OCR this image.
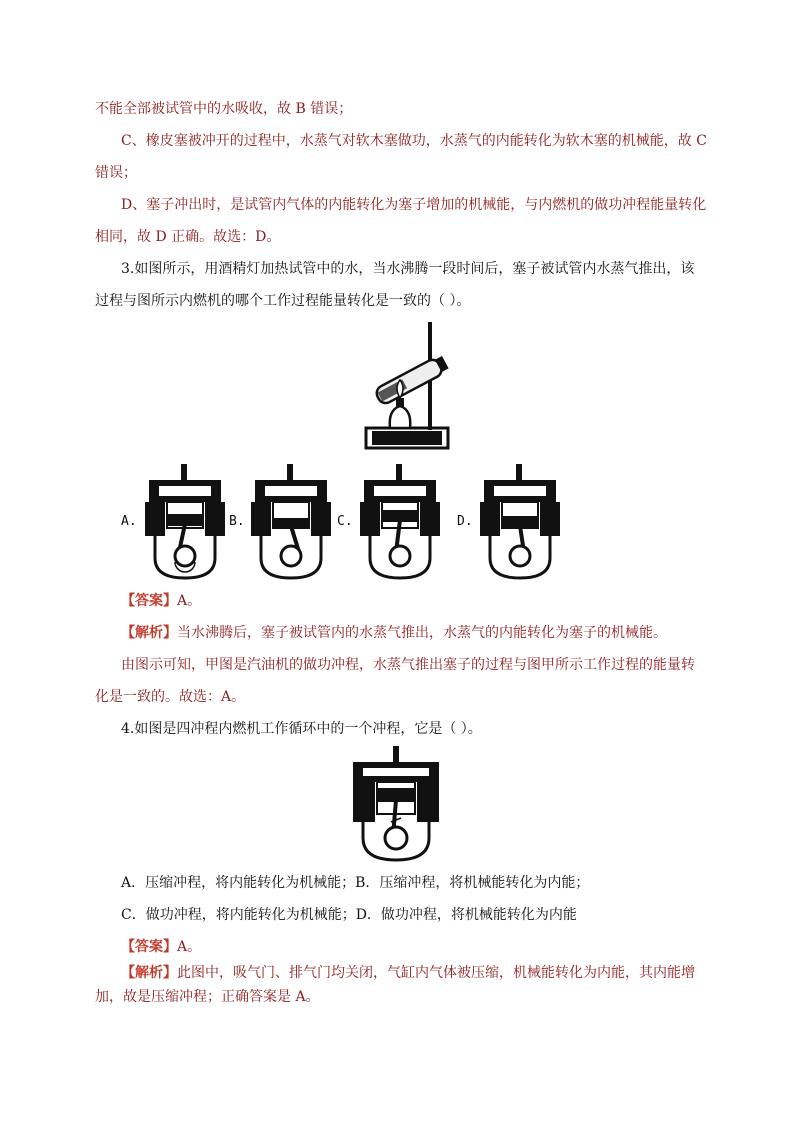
不能全部被试管中的水吸收，故 B 错误；
C、橡皮塞被冲开的过程中，水蒸气对软木塞做功，水蒸气的内能转化为软木塞的机械能，故 C
错误；
D、塞子冲出时，是试管内气体的内能转化为塞子增加的机械能，与内燃机的做功冲程能量转化
相同，故 D 正确。故选：D。
3.如图所示，用酒精灯加热试管中的水，当水沸腾一段时间后，塞子被试管内水蒸气推出，该
过程与图所示内燃机的哪个工作过程能量转化是一致的（ ）。
A.	B.	C.	D.
【答案】A。
【解析】当水沸腾后，塞子被试管内的水蒸气推出，水蒸气的内能转化为塞子的机械能。
由图示可知，甲图是汽油机的做功冲程，水蒸气推出塞子的过程与图甲所示工作过程的能量转
化是一致的。故选：A。
4.如图是四冲程内燃机工作循环中的一个冲程，它是（ ）。
A．压缩冲程，将内能转化为机械能；B．压缩冲程，将机械能转化为内能；
C．做功冲程，将内能转化为机械能；D．做功冲程，将机械能转化为内能
【答案】A。
【解析】此图中，吸气门、排气门均关闭，气缸内气体被压缩，机械能转化为内能，其内能增
加，故是压缩冲程；正确答案是 A。
